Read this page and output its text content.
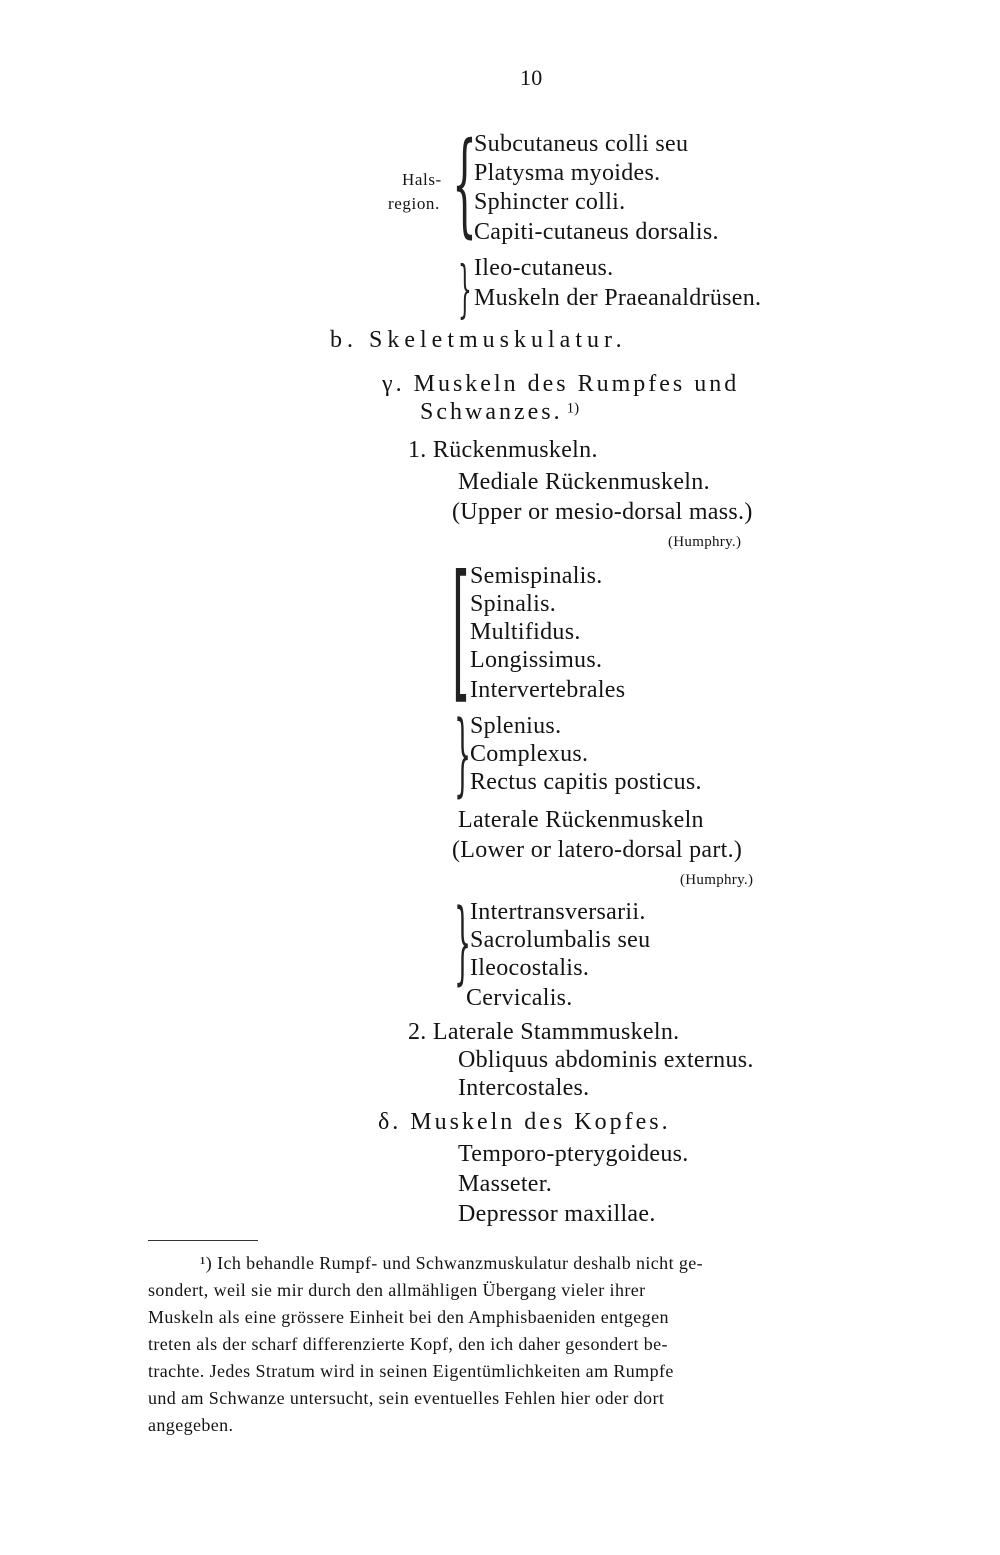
10
Hals-
region. {
Subcutaneus colli seu
Platysma myoides.
Sphincter colli.
Capiti-cutaneus dorsalis.
} Ileo-cutaneus.
Muskeln der Praeanaldrüsen.
b. Skeletmuskulatur.
γ. Muskeln des Rumpfes und
Schwanzes. $^{1)}$
1. Rückenmuskeln.
Mediale Rückenmuskeln.
(Upper or mesio-dorsal mass.)
(Humphry.)
[ Semispinalis.
Spinalis.
Multifidus.
Longissimus.
Intervertebrales
}
Splenius.
Complexus.
Rectus capitis posticus.
Laterale Rückenmuskeln
(Lower or latero-dorsal part.)
(Humphry.)
}
Intertransversarii.
Sacrolumbalis seu
Ileocostalis.
Cervicalis.
2. Laterale Stammmuskeln.
Obliquus abdominis externus.
Intercostales.
δ. Muskeln des Kopfes.
Temporo-pterygoideus.
Masseter.
Depressor maxillae.
¹) Ich behandle Rumpf- und Schwanzmuskulatur deshalb nicht ge-
sondert, weil sie mir durch den allmähligen Übergang vieler ihrer
Muskeln als eine grössere Einheit bei den Amphisbaeniden entgegen
treten als der scharf differenzierte Kopf, den ich daher gesondert be-
trachte. Jedes Stratum wird in seinen Eigentümlichkeiten am Rumpfe
und am Schwanze untersucht, sein eventuelles Fehlen hier oder dort
angegeben.
